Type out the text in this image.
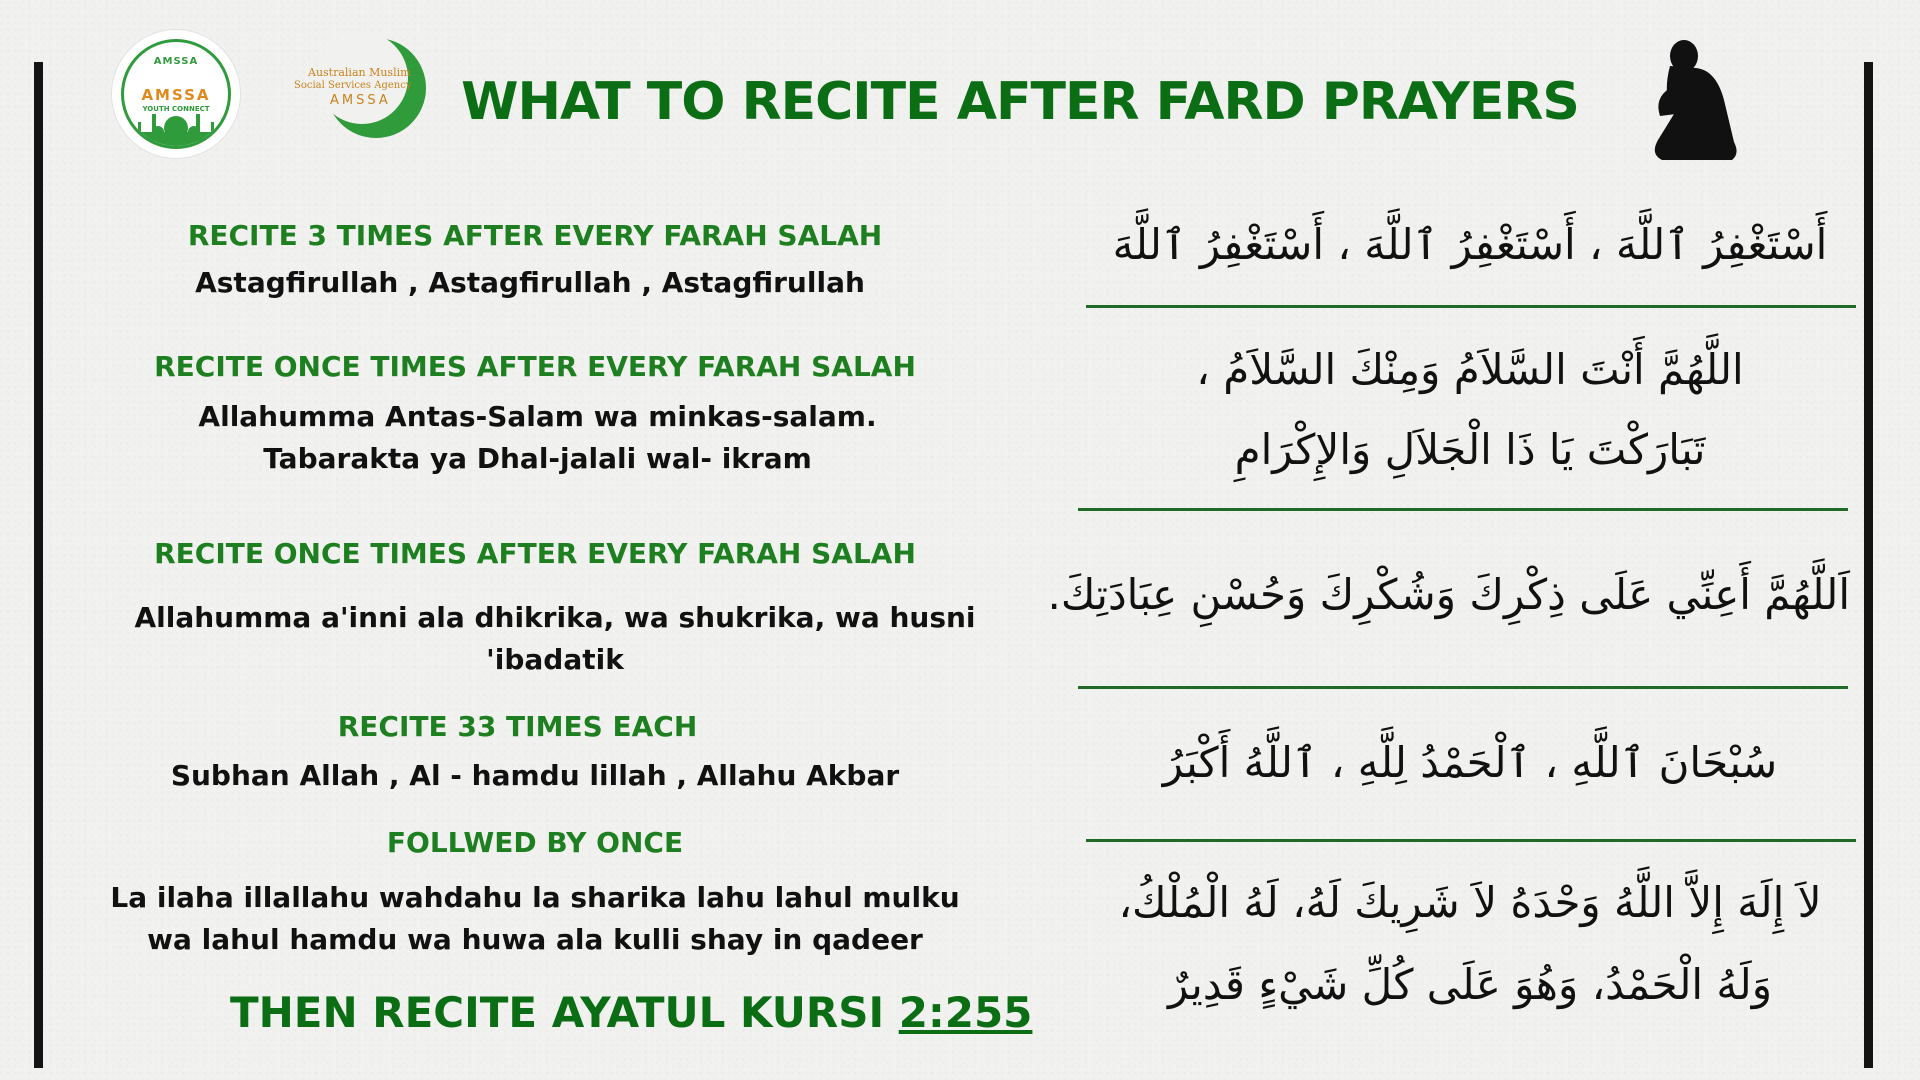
AMSSA
AMSSA
YOUTH CONNECT
Australian Muslim
Social Services Agency
AMSSA	WHAT TO RECITE AFTER FARD PRAYERS
RECITE 3 TIMES AFTER EVERY FARAH SALAH
Astagfirullah , Astagfirullah , Astagfirullah
RECITE ONCE TIMES AFTER EVERY FARAH SALAH
Allahumma Antas-Salam wa minkas-salam. Tabarakta ya Dhal-jalali wal- ikram
RECITE ONCE TIMES AFTER EVERY FARAH SALAH
Allahumma a'inni ala dhikrika, wa shukrika, wa husni 'ibadatik
RECITE 33 TIMES EACH
Subhan Allah , Al - hamdu lillah , Allahu Akbar
FOLLWED BY ONCE
La ilaha illallahu wahdahu la sharika lahu lahul mulku wa lahul hamdu wa huwa ala kulli shay in qadeer
THEN RECITE AYATUL KURSI 2:255
أَسْتَغْفِرُ ٱللَّهَ ، أَسْتَغْفِرُ ٱللَّهَ ، أَسْتَغْفِرُ ٱللَّهَ
اللَّهُمَّ أَنْتَ السَّلاَمُ وَمِنْكَ السَّلاَمُ ،
تَبَارَكْتَ يَا ذَا الْجَلاَلِ وَالإِكْرَامِ
اَللَّهُمَّ أَعِنِّي عَلَى ذِكْرِكَ وَشُكْرِكَ وَحُسْنِ عِبَادَتِكَ.
سُبْحَانَ ٱللَّهِ ، ٱلْحَمْدُ لِلَّهِ ، ٱللَّهُ أَكْبَرُ
لاَ إِلَهَ إِلاَّ اللَّهُ وَحْدَهُ لاَ شَرِيكَ لَهُ، لَهُ الْمُلْكُ،
وَلَهُ الْحَمْدُ، وَهُوَ عَلَى كُلِّ شَيْءٍ قَدِيرٌ
